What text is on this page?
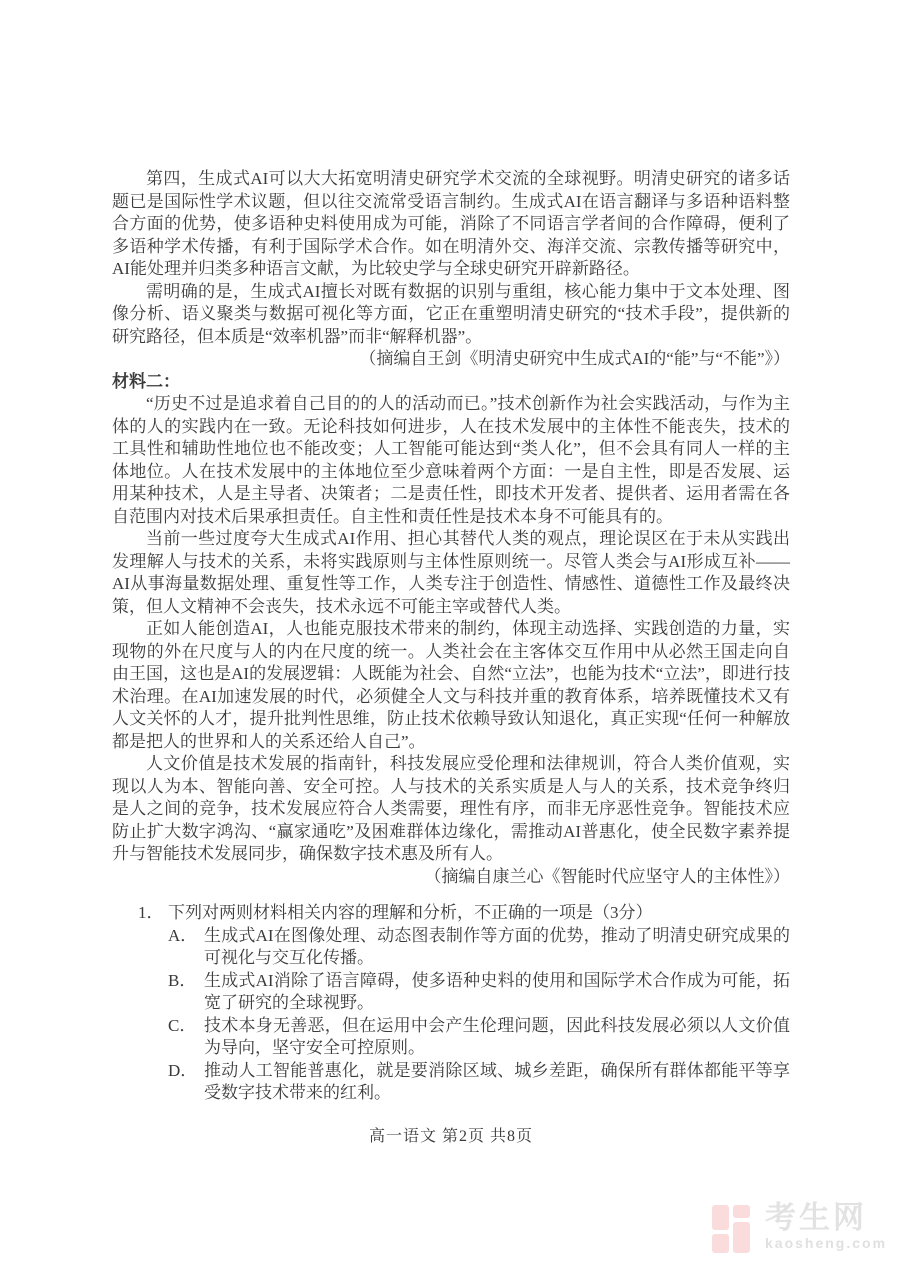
第四，生成式AI可以大大拓宽明清史研究学术交流的全球视野。明清史研究的诸多话题已是国际性学术议题，但以往交流常受语言制约。生成式AI在语言翻译与多语种语料整合方面的优势，使多语种史料使用成为可能，消除了不同语言学者间的合作障碍，便利了多语种学术传播，有利于国际学术合作。如在明清外交、海洋交流、宗教传播等研究中，AI能处理并归类多种语言文献，为比较史学与全球史研究开辟新路径。

需明确的是，生成式AI擅长对既有数据的识别与重组，核心能力集中于文本处理、图像分析、语义聚类与数据可视化等方面，它正在重塑明清史研究的“技术手段”，提供新的研究路径，但本质是“效率机器”而非“解释机器”。

（摘编自王剑《明清史研究中生成式AI的“能”与“不能”》）

材料二：

“历史不过是追求着自己目的的人的活动而已。”技术创新作为社会实践活动，与作为主体的人的实践内在一致。无论科技如何进步，人在技术发展中的主体性不能丧失，技术的工具性和辅助性地位也不能改变；人工智能可能达到“类人化”，但不会具有同人一样的主体地位。人在技术发展中的主体地位至少意味着两个方面：一是自主性，即是否发展、运用某种技术，人是主导者、决策者；二是责任性，即技术开发者、提供者、运用者需在各自范围内对技术后果承担责任。自主性和责任性是技术本身不可能具有的。

当前一些过度夸大生成式AI作用、担心其替代人类的观点，理论误区在于未从实践出发理解人与技术的关系，未将实践原则与主体性原则统一。尽管人类会与AI形成互补——AI从事海量数据处理、重复性等工作，人类专注于创造性、情感性、道德性工作及最终决策，但人文精神不会丧失，技术永远不可能主宰或替代人类。

正如人能创造AI，人也能克服技术带来的制约，体现主动选择、实践创造的力量，实现物的外在尺度与人的内在尺度的统一。人类社会在主客体交互作用中从必然王国走向自由王国，这也是AI的发展逻辑：人既能为社会、自然“立法”，也能为技术“立法”，即进行技术治理。在AI加速发展的时代，必须健全人文与科技并重的教育体系，培养既懂技术又有人文关怀的人才，提升批判性思维，防止技术依赖导致认知退化，真正实现“任何一种解放都是把人的世界和人的关系还给人自己”。

人文价值是技术发展的指南针，科技发展应受伦理和法律规训，符合人类价值观，实现以人为本、智能向善、安全可控。人与技术的关系实质是人与人的关系，技术竞争终归是人之间的竞争，技术发展应符合人类需要，理性有序，而非无序恶性竞争。智能技术应防止扩大数字鸿沟、“赢家通吃”及困难群体边缘化，需推动AI普惠化，使全民数字素养提升与智能技术发展同步，确保数字技术惠及所有人。

（摘编自康兰心《智能时代应坚守人的主体性》）

1． 下列对两则材料相关内容的理解和分析，不正确的一项是（3分）
A． 生成式AI在图像处理、动态图表制作等方面的优势，推动了明清史研究成果的可视化与交互化传播。
B． 生成式AI消除了语言障碍，使多语种史料的使用和国际学术合作成为可能，拓宽了研究的全球视野。
C． 技术本身无善恶，但在运用中会产生伦理问题，因此科技发展必须以人文价值为导向，坚守安全可控原则。
D． 推动人工智能普惠化，就是要消除区域、城乡差距，确保所有群体都能平等享受数字技术带来的红利。
高一语文 第2页 共8页
考生网
kaosheng.com
